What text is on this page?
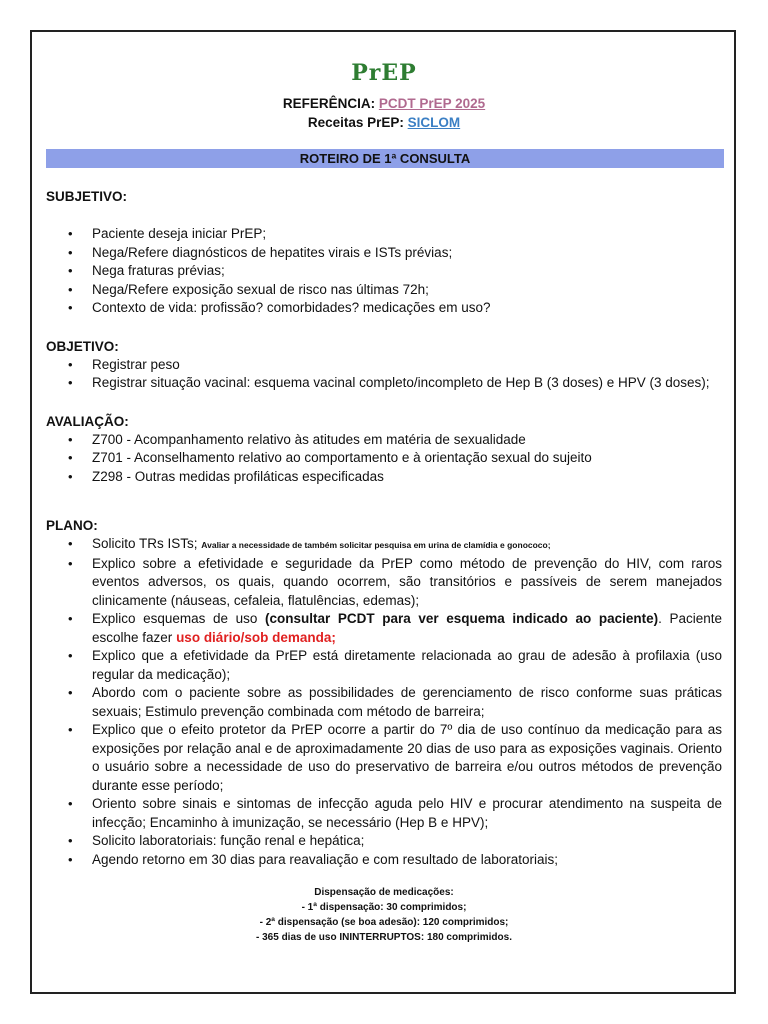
PrEP
REFERÊNCIA: PCDT PrEP 2025
Receitas PrEP: SICLOM
ROTEIRO DE 1ª CONSULTA
SUBJETIVO:
• Paciente deseja iniciar PrEP;
• Nega/Refere diagnósticos de hepatites virais e ISTs prévias;
• Nega fraturas prévias;
• Nega/Refere exposição sexual de risco nas últimas 72h;
• Contexto de vida: profissão? comorbidades? medicações em uso?
OBJETIVO:
• Registrar peso
• Registrar situação vacinal: esquema vacinal completo/incompleto de Hep B (3 doses) e HPV (3 doses);
AVALIAÇÃO:
• Z700 - Acompanhamento relativo às atitudes em matéria de sexualidade
• Z701 - Aconselhamento relativo ao comportamento e à orientação sexual do sujeito
• Z298 - Outras medidas profiláticas especificadas
PLANO:
• Solicito TRs ISTs; Avaliar a necessidade de também solicitar pesquisa em urina de clamídia e gonococo;
• Explico sobre a efetividade e seguridade da PrEP como método de prevenção do HIV, com raros eventos adversos, os quais, quando ocorrem, são transitórios e passíveis de serem manejados clinicamente (náuseas, cefaleia, flatulências, edemas);
• Explico esquemas de uso (consultar PCDT para ver esquema indicado ao paciente). Paciente escolhe fazer uso diário/sob demanda;
• Explico que a efetividade da PrEP está diretamente relacionada ao grau de adesão à profilaxia (uso regular da medicação);
• Abordo com o paciente sobre as possibilidades de gerenciamento de risco conforme suas práticas sexuais; Estimulo prevenção combinada com método de barreira;
• Explico que o efeito protetor da PrEP ocorre a partir do 7º dia de uso contínuo da medicação para as exposições por relação anal e de aproximadamente 20 dias de uso para as exposições vaginais. Oriento o usuário sobre a necessidade de uso do preservativo de barreira e/ou outros métodos de prevenção durante esse período;
• Oriento sobre sinais e sintomas de infecção aguda pelo HIV e procurar atendimento na suspeita de infecção; Encaminho à imunização, se necessário (Hep B e HPV);
• Solicito laboratoriais: função renal e hepática;
• Agendo retorno em 30 dias para reavaliação e com resultado de laboratoriais;
Dispensação de medicações:
- 1ª dispensação: 30 comprimidos;
- 2ª dispensação (se boa adesão): 120 comprimidos;
- 365 dias de uso ININTERRUPTOS: 180 comprimidos.
